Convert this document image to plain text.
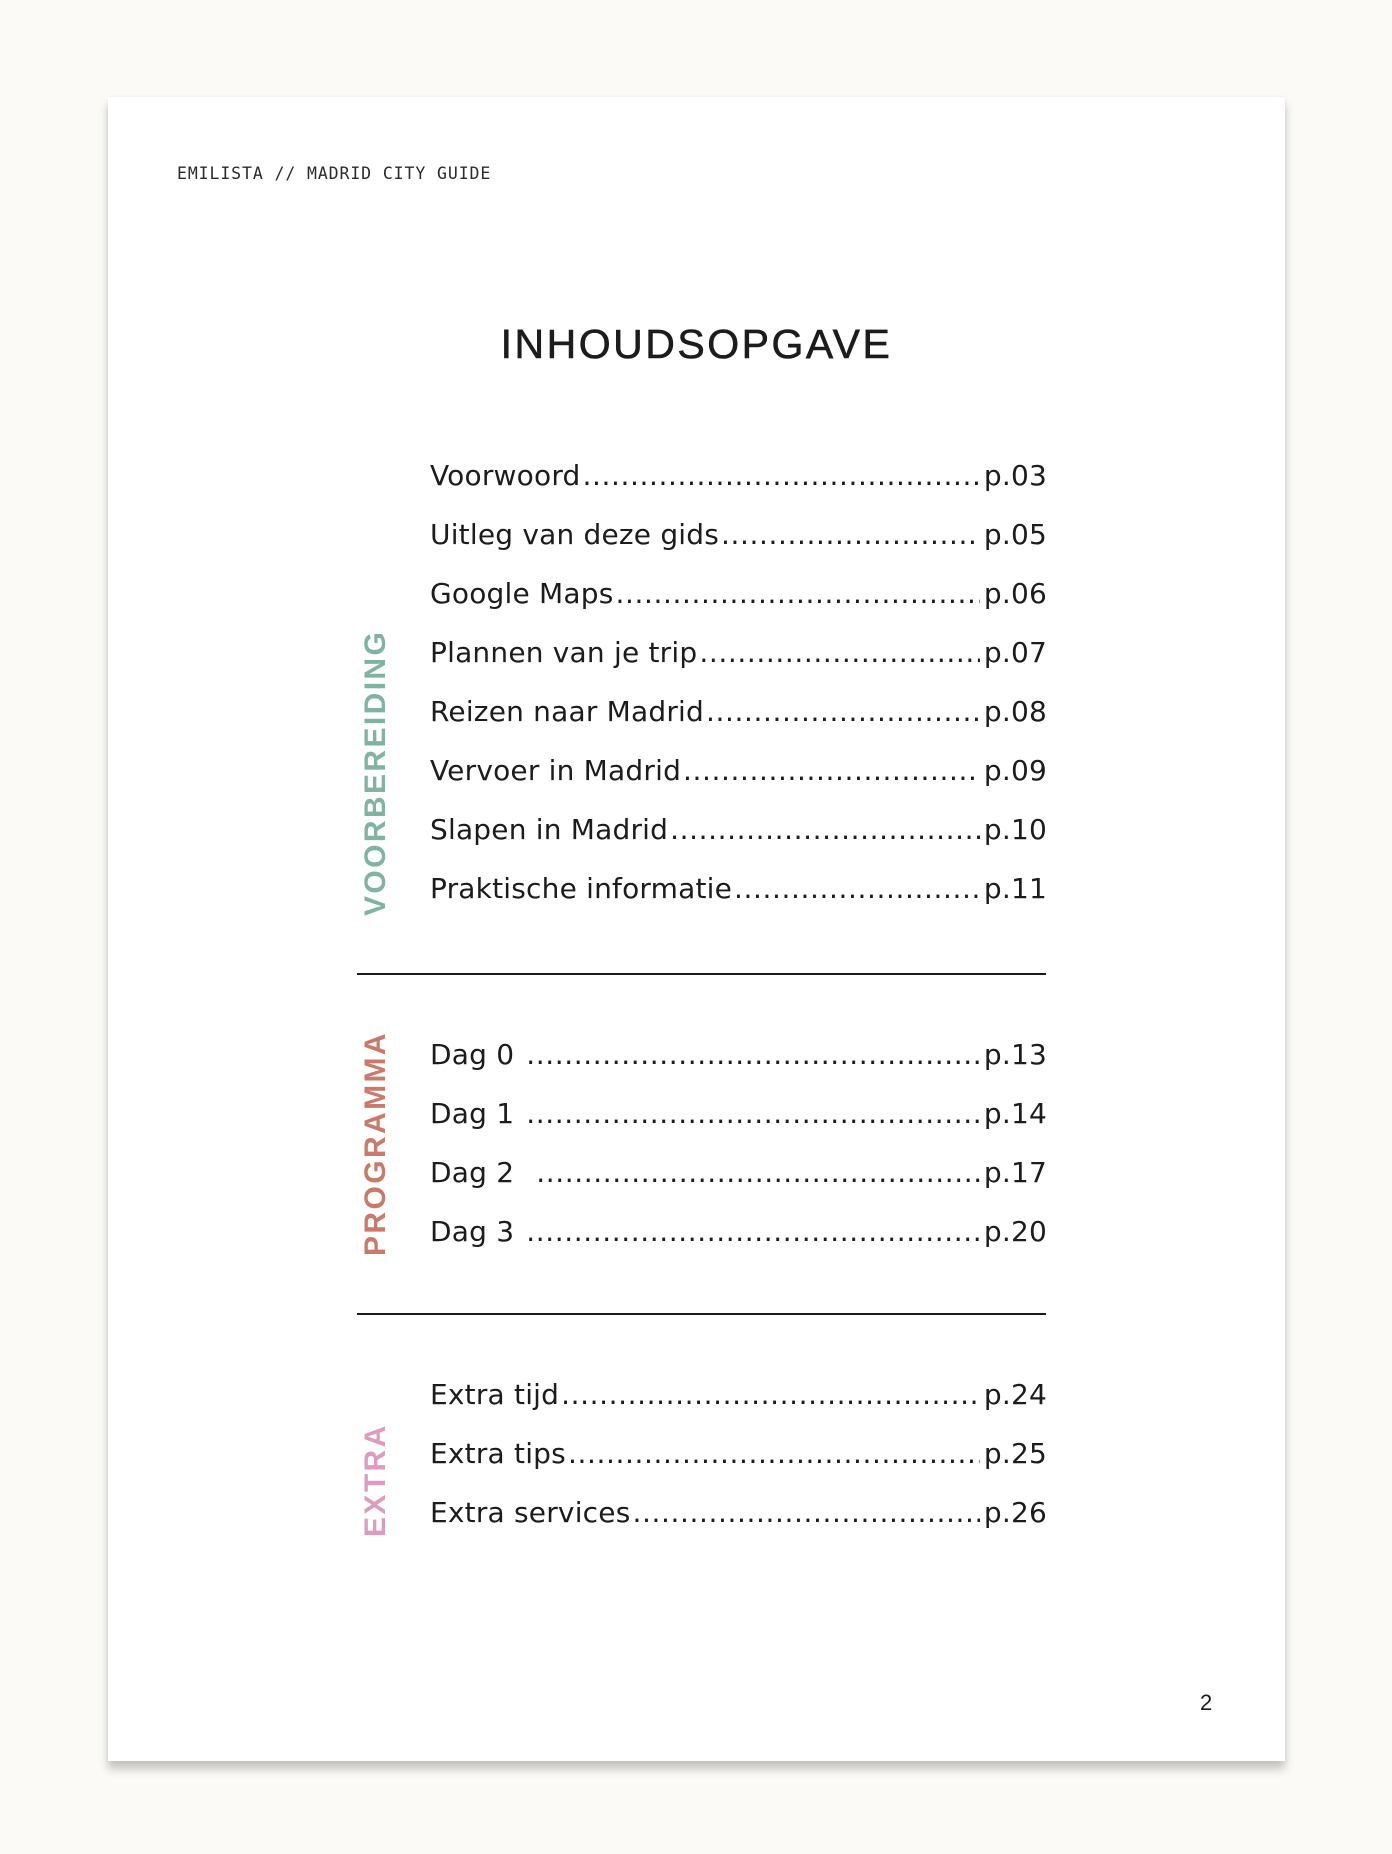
EMILISTA // MADRID CITY GUIDE
INHOUDSOPGAVE
VOORBEREIDING
Voorwoord .....	p.03
Uitleg van deze gids .....	p.05
Google Maps .....	p.06
Plannen van je trip .....	p.07
Reizen naar Madrid .....	p.08
Vervoer in Madrid .....	p.09
Slapen in Madrid .....	p.10
Praktische informatie .....	p.11
PROGRAMMA Dag 0 .....	p.13
Dag 1 .....	p.14
Dag 2 .....	p.17
Dag 3 .....	p.20
EXTRA
Extra tijd .....	p.24
Extra tips .....	p.25
Extra services .....	p.26
2
